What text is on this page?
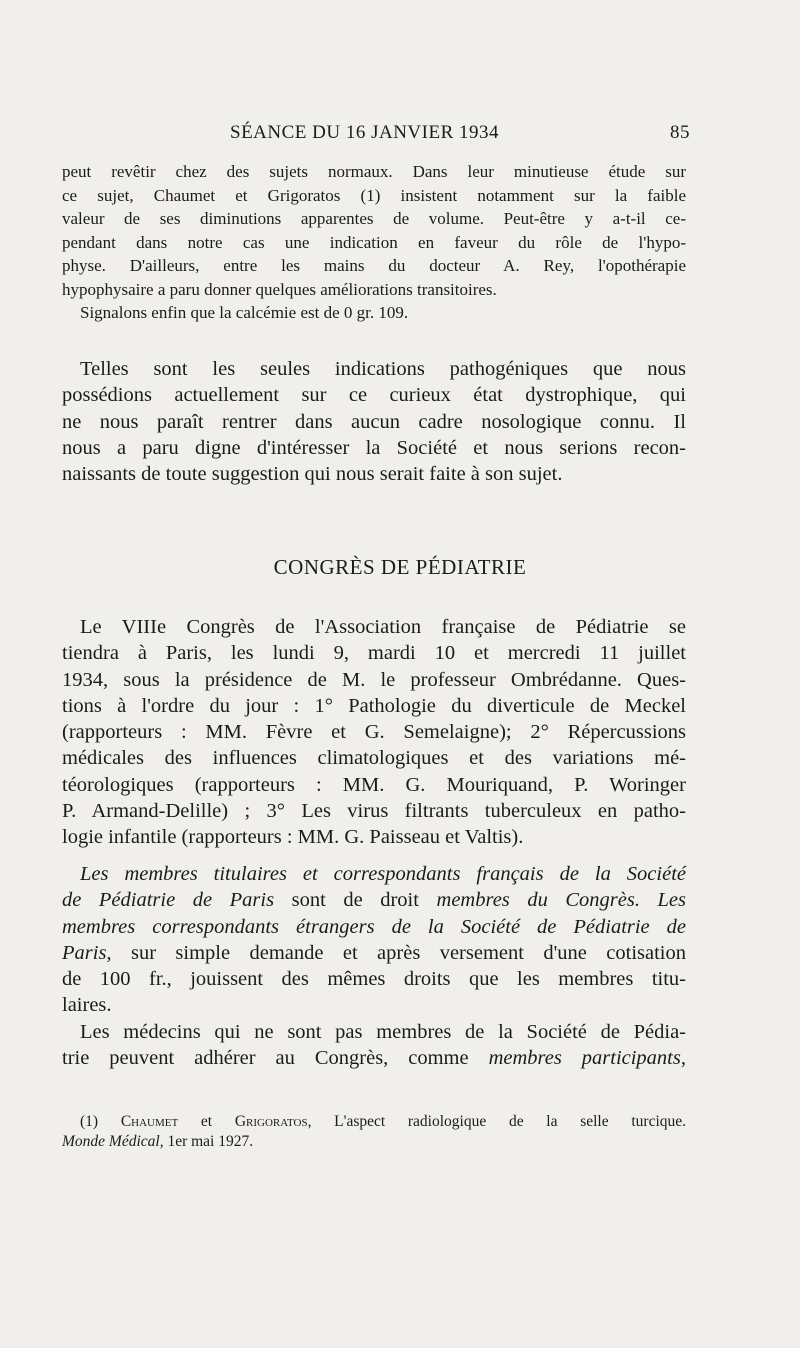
SÉANCE DU 16 JANVIER 1934	85
peut revêtir chez des sujets normaux. Dans leur minutieuse étude sur
ce sujet, Chaumet et Grigoratos (1) insistent notamment sur la faible
valeur de ses diminutions apparentes de volume. Peut-être y a-t-il ce-
pendant dans notre cas une indication en faveur du rôle de l'hypo-
physe. D'ailleurs, entre les mains du docteur A. Rey, l'opothérapie
hypophysaire a paru donner quelques améliorations transitoires.
Signalons enfin que la calcémie est de 0 gr. 109.
Telles sont les seules indications pathogéniques que nous
possédions actuellement sur ce curieux état dystrophique, qui
ne nous paraît rentrer dans aucun cadre nosologique connu. Il
nous a paru digne d'intéresser la Société et nous serions recon-
naissants de toute suggestion qui nous serait faite à son sujet.
CONGRÈS DE PÉDIATRIE
Le VIIIe Congrès de l'Association française de Pédiatrie se
tiendra à Paris, les lundi 9, mardi 10 et mercredi 11 juillet
1934, sous la présidence de M. le professeur Ombrédanne. Ques-
tions à l'ordre du jour : 1° Pathologie du diverticule de Meckel
(rapporteurs : MM. Fèvre et G. Semelaigne); 2° Répercussions
médicales des influences climatologiques et des variations mé-
téorologiques (rapporteurs : MM. G. Mouriquand, P. Woringer
P. Armand-Delille) ; 3° Les virus filtrants tuberculeux en patho-
logie infantile (rapporteurs : MM. G. Paisseau et Valtis).
Les membres titulaires et correspondants français de la Société
de Pédiatrie de Paris sont de droit membres du Congrès. Les
membres correspondants étrangers de la Société de Pédiatrie de
Paris, sur simple demande et après versement d'une cotisation
de 100 fr., jouissent des mêmes droits que les membres titu-
laires.
Les médecins qui ne sont pas membres de la Société de Pédia-
trie peuvent adhérer au Congrès, comme membres participants,
(1) Chaumet et Grigoratos, L'aspect radiologique de la selle turcique.
Monde Médical, 1er mai 1927.
